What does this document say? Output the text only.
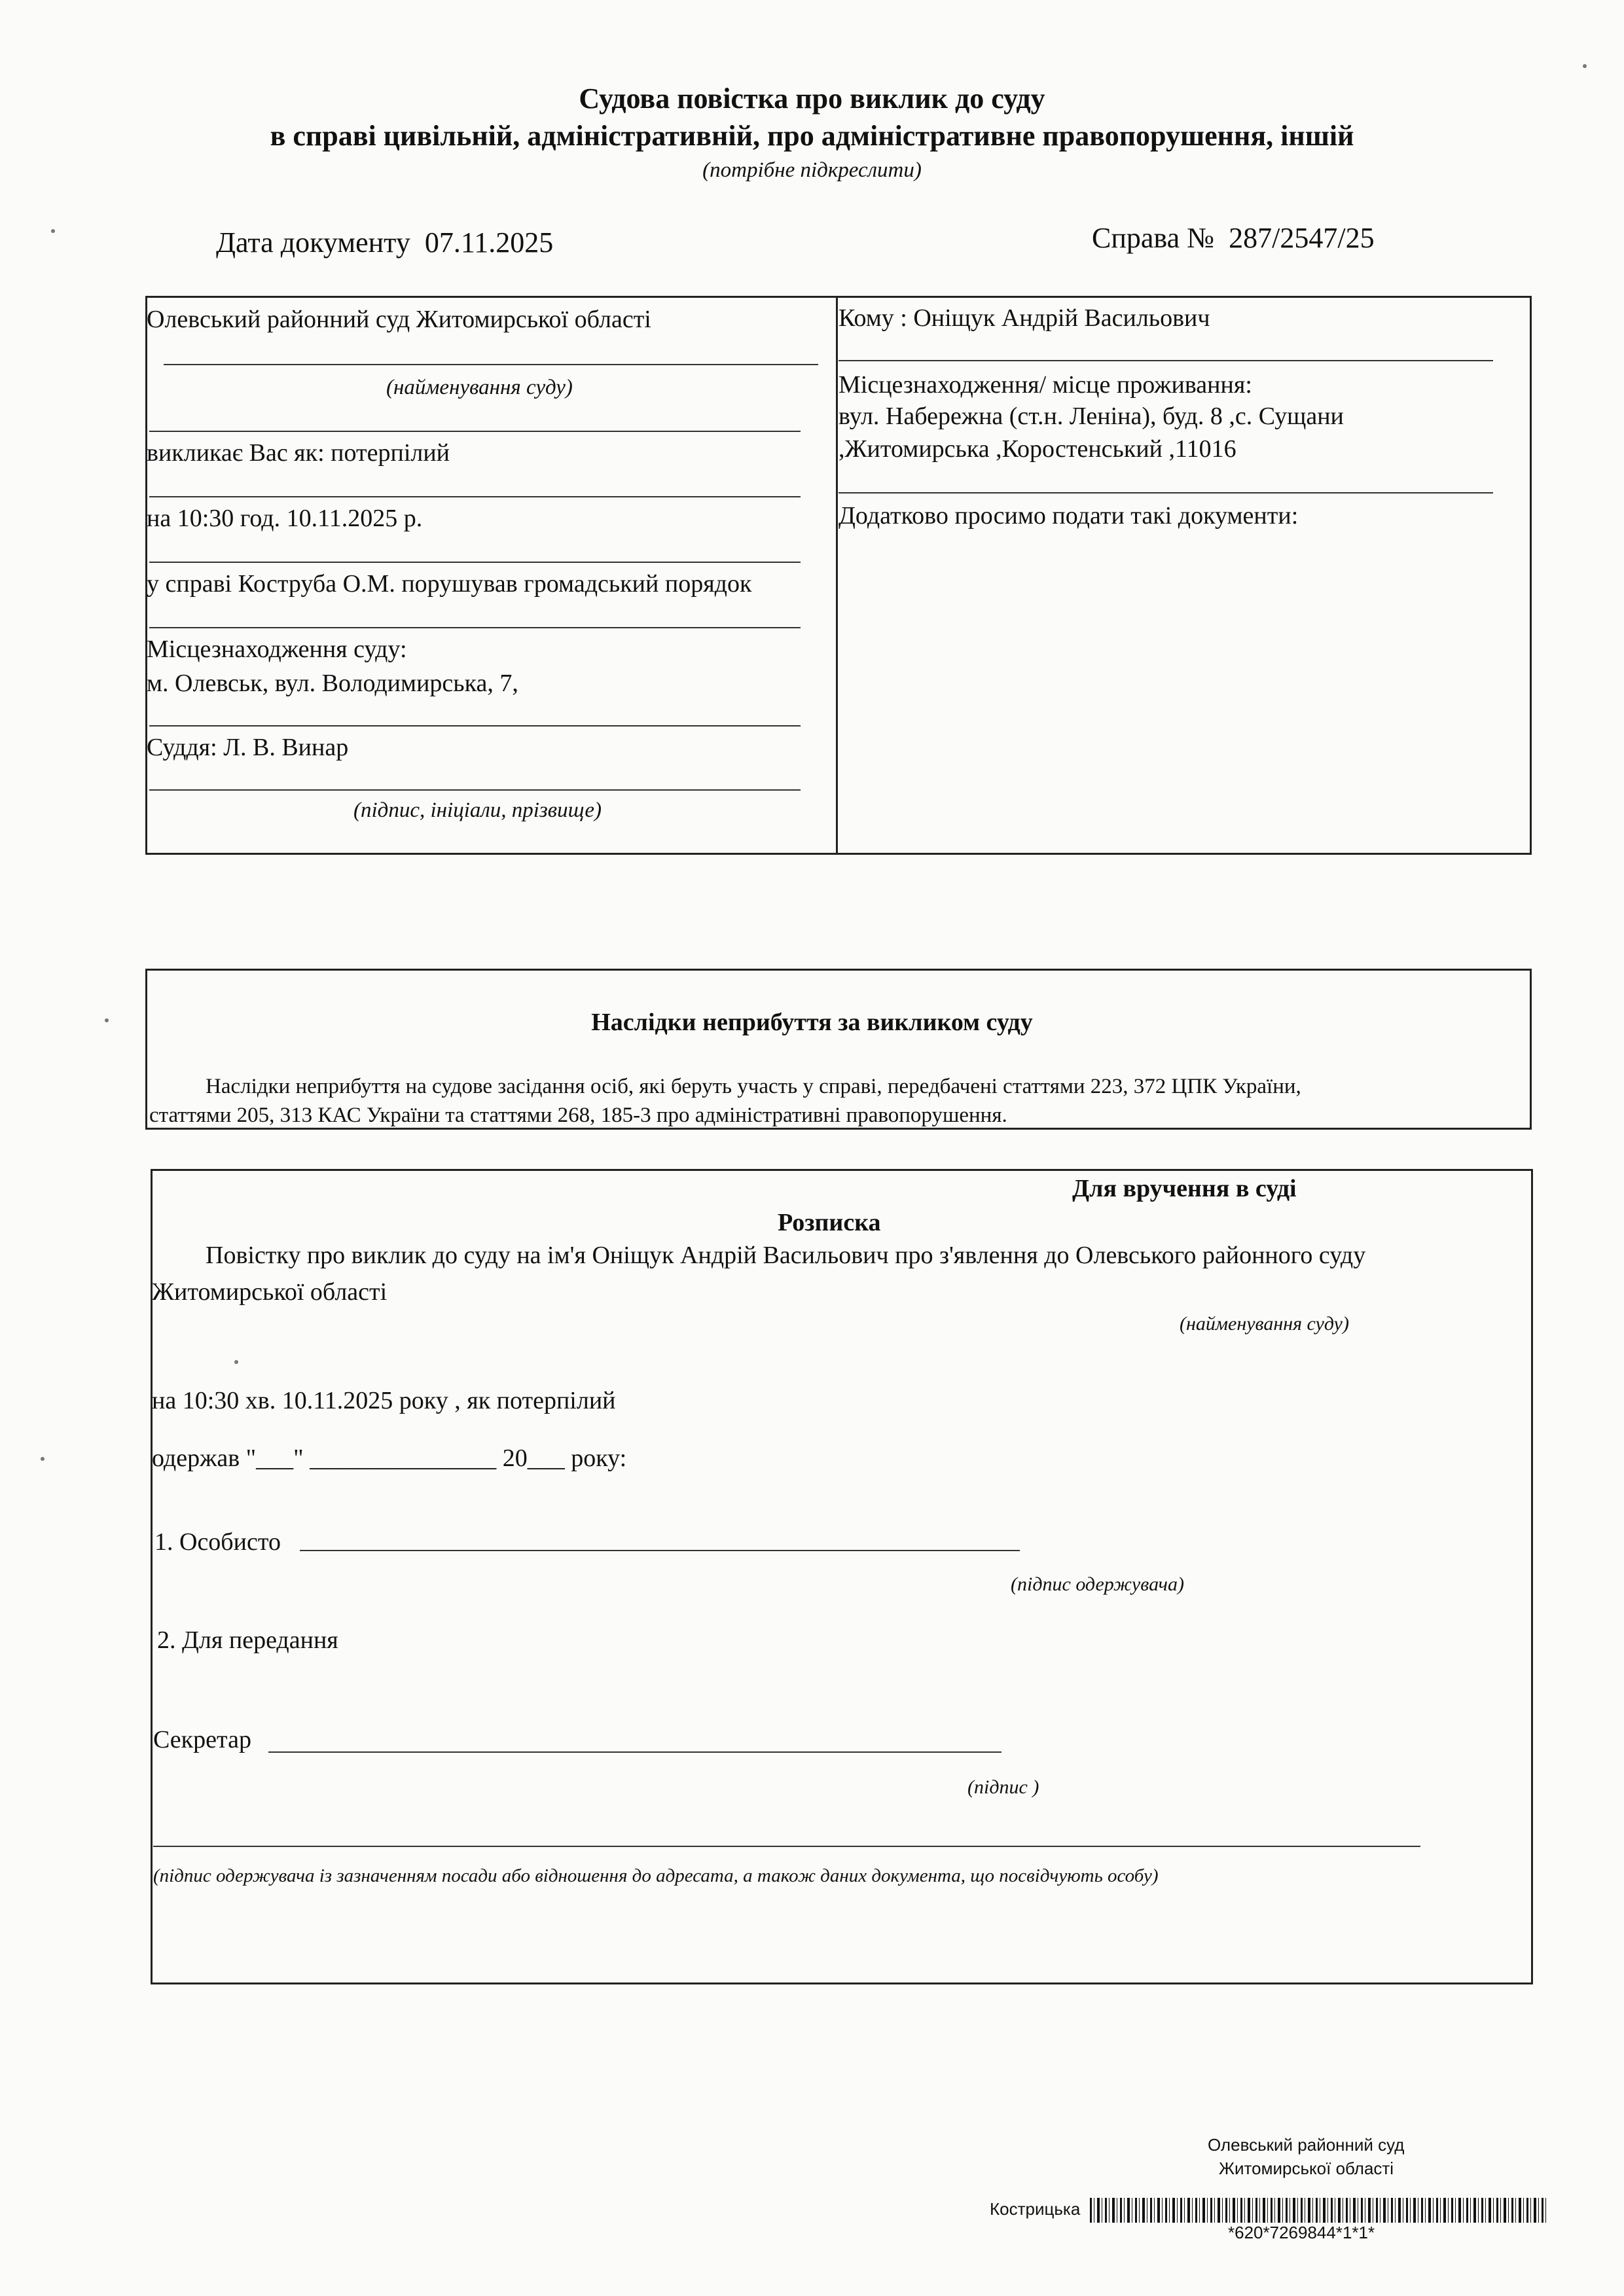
Судова повістка про виклик до суду
в справі цивільній, адміністративній, про адміністративне правопорушення, іншій
(потрібне підкреслити)
Дата документу 07.11.2025	Справа № 287/2547/25
Олевський районний суд Житомирської області
(найменування суду)
викликає Вас як: потерпілий
на 10:30 год. 10.11.2025 р.
у справі Коструба О.М. порушував громадський порядок
Місцезнаходження суду:
м. Олевськ, вул. Володимирська, 7,
Суддя: Л. В. Винар
(підпис, ініціали, прізвище)
Кому : Оніщук Андрій Васильович
Місцезнаходження/ місце проживання:
вул. Набережна (ст.н. Леніна), буд. 8 ,с. Сущани
,Житомирська ,Коростенський ,11016
Додатково просимо подати такі документи:
Наслідки неприбуття за викликом суду
Наслідки неприбуття на судове засідання осіб, які беруть участь у справі, передбачені статтями 223, 372 ЦПК України,
статтями 205, 313 КАС України та статтями 268, 185-3 про адміністративні правопорушення.
Для вручення в суді
Розписка
Повістку про виклик до суду на ім'я Оніщук Андрій Васильович про з'явлення до Олевського районного суду
Житомирської області
(найменування суду)
на 10:30 хв. 10.11.2025 року , як потерпілий
одержав "___" _______________ 20___ року:
1. Особисто
(підпис одержувача)
2. Для передання
Секретар
(підпис )
(підпис одержувача із зазначенням посади або відношення до адресата, а також даних документа, що посвідчують особу)
Олевський районний суд
Житомирської області
Кострицька
*620*7269844*1*1*
